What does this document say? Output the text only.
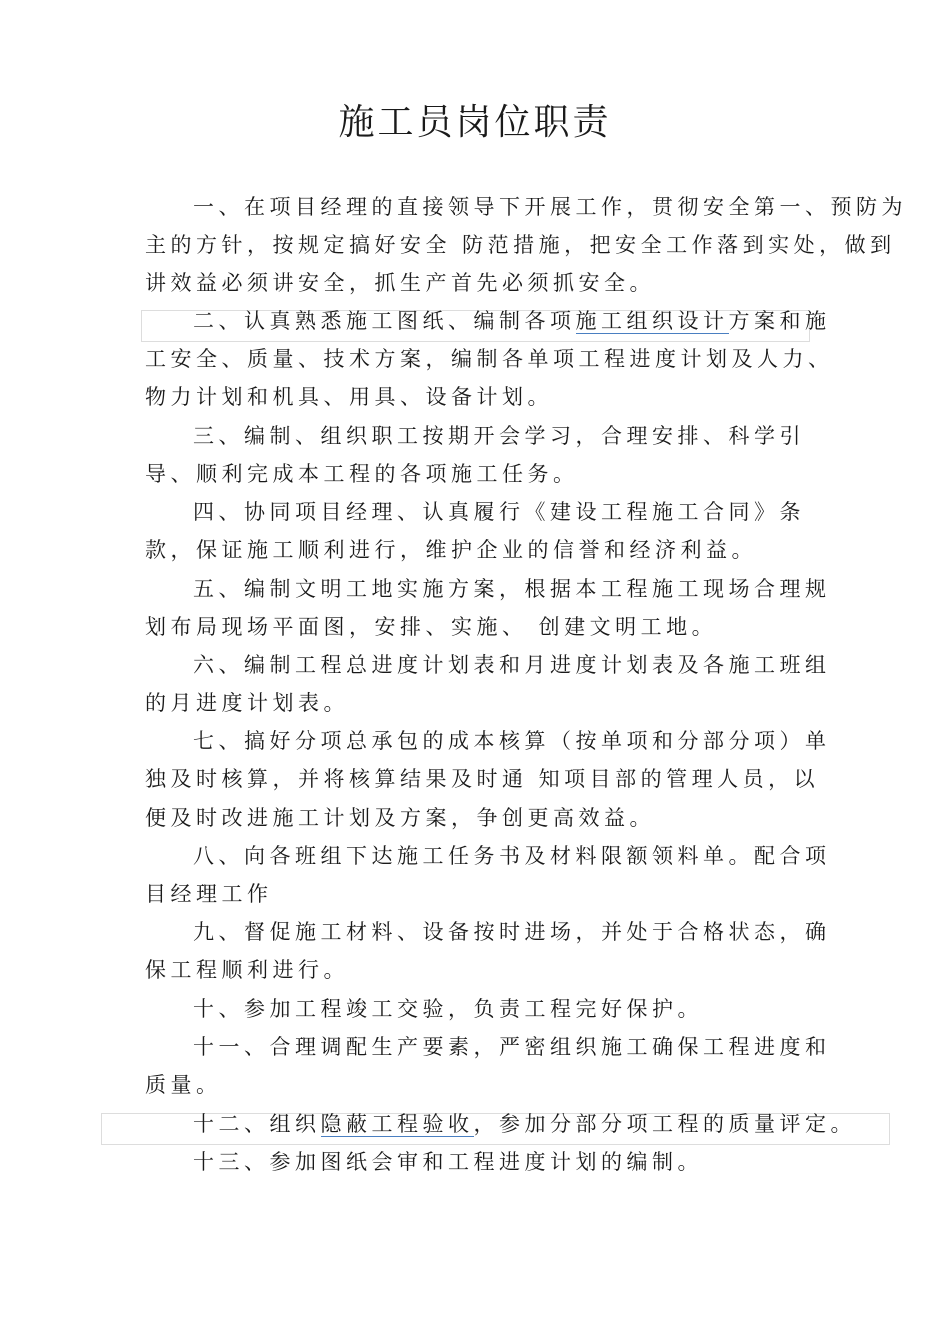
施工员岗位职责
一、在项目经理的直接领导下开展工作，贯彻安全第一、预防为
主的方针，按规定搞好安全 防范措施，把安全工作落到实处，做到
讲效益必须讲安全，抓生产首先必须抓安全。
二、认真熟悉施工图纸、编制各项施工组织设计方案和施
工安全、质量、技术方案，编制各单项工程进度计划及人力、
物力计划和机具、用具、设备计划。
三、编制、组织职工按期开会学习，合理安排、科学引
导、顺利完成本工程的各项施工任务。
四、协同项目经理、认真履行《建设工程施工合同》条
款，保证施工顺利进行，维护企业的信誉和经济利益。
五、编制文明工地实施方案，根据本工程施工现场合理规
划布局现场平面图，安排、实施、 创建文明工地。
六、编制工程总进度计划表和月进度计划表及各施工班组
的月进度计划表。
七、搞好分项总承包的成本核算（按单项和分部分项）单
独及时核算，并将核算结果及时通 知项目部的管理人员，以
便及时改进施工计划及方案，争创更高效益。
八、向各班组下达施工任务书及材料限额领料单。配合项
目经理工作
九、督促施工材料、设备按时进场，并处于合格状态，确
保工程顺利进行。
十、参加工程竣工交验，负责工程完好保护。
十一、合理调配生产要素，严密组织施工确保工程进度和
质量。
十二、组织隐蔽工程验收，参加分部分项工程的质量评定。
十三、参加图纸会审和工程进度计划的编制。
